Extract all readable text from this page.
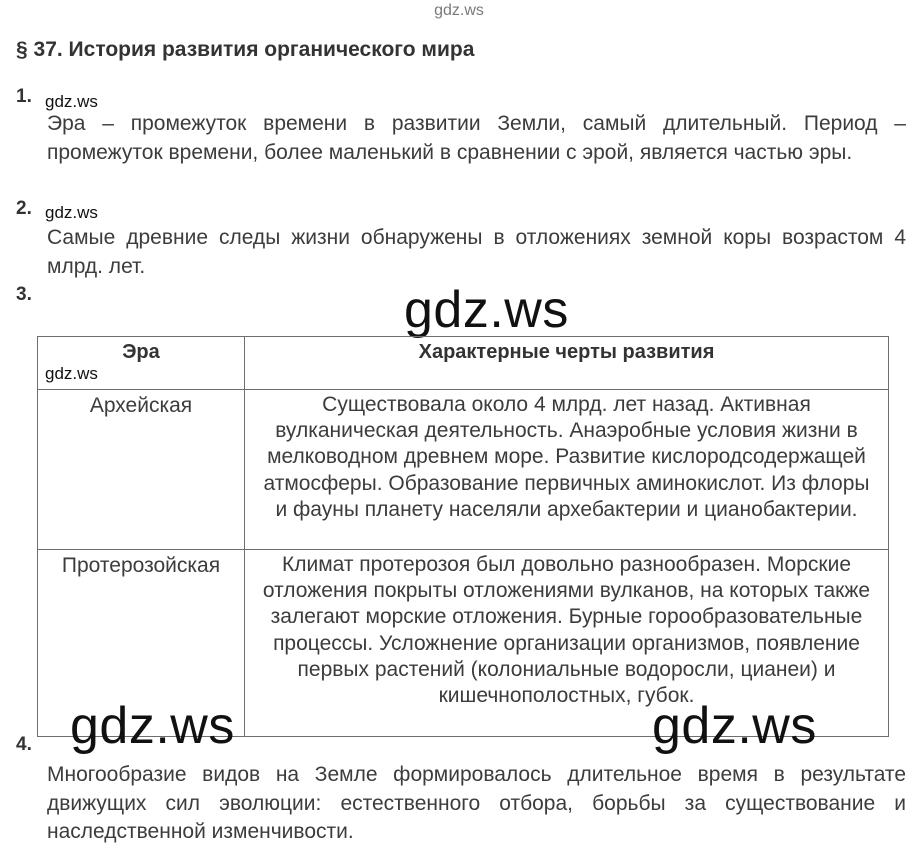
gdz.ws
§ 37. История развития органического мира
1. gdz.ws
Эра – промежуток времени в развитии Земли, самый длительный. Период – промежуток времени, более маленький в сравнении с эрой, является частью эры.
2. gdz.ws
Самые древние следы жизни обнаружены в отложениях земной коры возрастом 4 млрд. лет.
3.	gdz.ws
Эра	Характерные черты развития
Архейская	Существовала около 4 млрд. лет назад. Активная вулканическая деятельность. Анаэробные условия жизни в мелководном древнем море. Развитие кислородсодержащей атмосферы. Образование первичных аминокислот. Из флоры и фауны планету населяли архебактерии и цианобактерии.
Протерозойская	Климат протерозоя был довольно разнообразен. Морские отложения покрыты отложениями вулканов, на которых также залегают морские отложения. Бурные горообразовательные процессы. Усложнение организации организмов, появление первых растений (колониальные водоросли, цианеи) и кишечнополостных, губок.
gdz.ws
gdz.ws	gdz.ws
4.
Многообразие видов на Земле формировалось длительное время в результате движущих сил эволюции: естественного отбора, борьбы за существование и наследственной изменчивости.
